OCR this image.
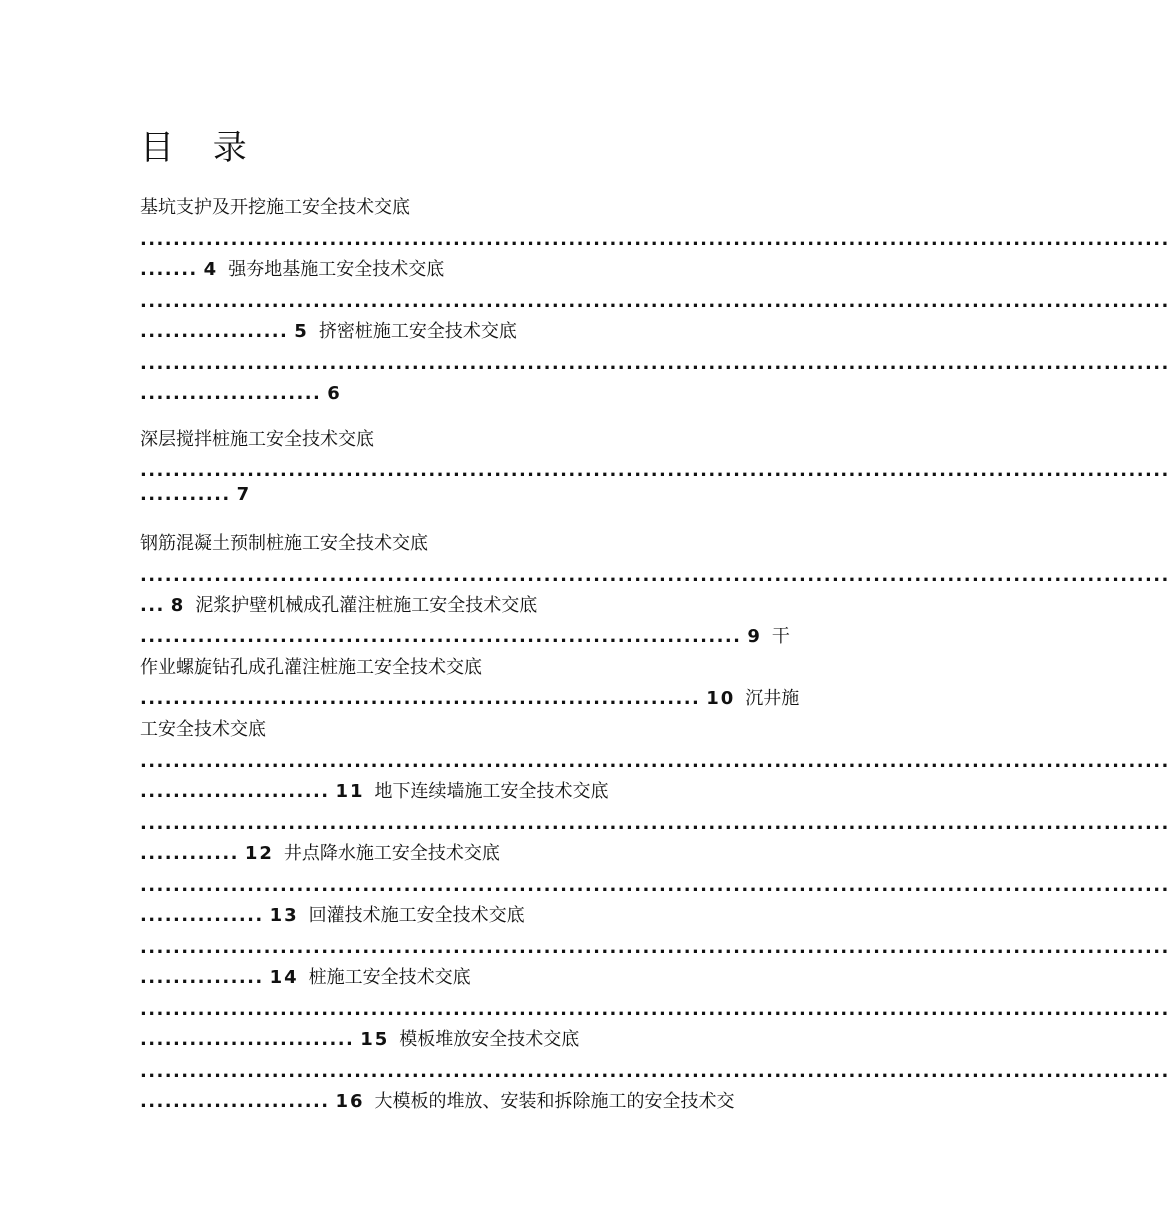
目 录
基坑支护及开挖施工安全技术交底
.............................................................................................................................
....... 4 强夯地基施工安全技术交底
.............................................................................................................................
.................. 5 挤密桩施工安全技术交底
.............................................................................................................................
...................... 6
深层搅拌桩施工安全技术交底
.............................................................................................................................
........... 7
钢筋混凝土预制桩施工安全技术交底
.............................................................................................................................
... 8 泥浆护壁机械成孔灌注桩施工安全技术交底
......................................................................... 9 干
作业螺旋钻孔成孔灌注桩施工安全技术交底
.................................................................... 10 沉井施
工安全技术交底
.............................................................................................................................
....................... 11 地下连续墙施工安全技术交底
.............................................................................................................................
............ 12 井点降水施工安全技术交底
.............................................................................................................................
............... 13 回灌技术施工安全技术交底
.............................................................................................................................
............... 14 桩施工安全技术交底
.............................................................................................................................
.......................... 15 模板堆放安全技术交底
.............................................................................................................................
....................... 16 大模板的堆放、安装和拆除施工的安全技术交
